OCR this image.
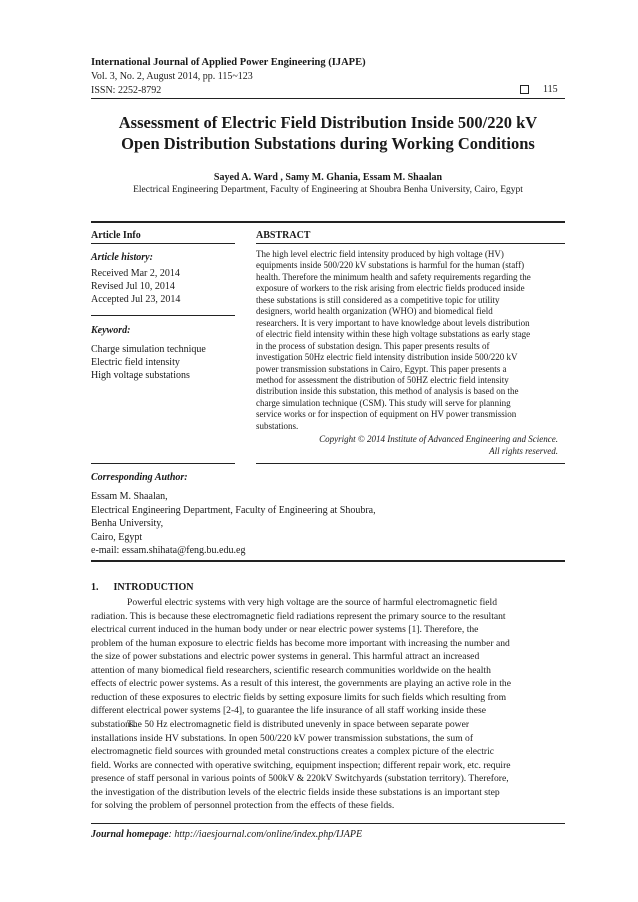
International Journal of Applied Power Engineering (IJAPE)
Vol. 3, No. 2, August 2014, pp. 115~123
ISSN: 2252-8792	115
Assessment of Electric Field Distribution Inside 500/220 kV
Open Distribution Substations during Working Conditions
Sayed A. Ward , Samy M. Ghania, Essam M. Shaalan
Electrical Engineering Department, Faculty of Engineering at Shoubra Benha University, Cairo, Egypt
Article Info
Article history:
Received Mar 2, 2014
Revised Jul 10, 2014
Accepted Jul 23, 2014
Keyword:
Charge simulation technique
Electric field intensity
High voltage substations
ABSTRACT
The high level electric field intensity produced by high voltage (HV)
equipments inside 500/220 kV substations is harmful for the human (staff)
health. Therefore the minimum health and safety requirements regarding the
exposure of workers to the risk arising from electric fields produced inside
these substations is still considered as a competitive topic for utility
designers, world health organization (WHO) and biomedical field
researchers. It is very important to have knowledge about levels distribution
of electric field intensity within these high voltage substations as early stage
in the process of substation design. This paper presents results of
investigation 50Hz electric field intensity distribution inside 500/220 kV
power transmission substations in Cairo, Egypt. This paper presents a
method for assessment the distribution of 50HZ electric field intensity
distribution inside this substation, this method of analysis is based on the
charge simulation technique (CSM). This study will serve for planning
service works or for inspection of equipment on HV power transmission
substations.
Copyright © 2014 Institute of Advanced Engineering and Science.
All rights reserved.
Corresponding Author:
Essam M. Shaalan,
Electrical Engineering Department, Faculty of Engineering at Shoubra,
Benha University,
Cairo, Egypt
e-mail: essam.shihata@feng.bu.edu.eg
1.      INTRODUCTION
Powerful electric systems with very high voltage are the source of harmful electromagnetic field
radiation. This is because these electromagnetic field radiations represent the primary source to the resultant
electrical current induced in the human body under or near electric power systems [1]. Therefore, the
problem of the human exposure to electric fields has become more important with increasing the number and
the size of power substations and electric power systems in general. This harmful attract an increased
attention of many biomedical field researchers, scientific research communities worldwide on the health
effects of electric power systems. As a result of this interest, the governments are playing an active role in the
reduction of these exposures to electric fields by setting exposure limits for such fields which resulting from
different electrical power systems [2-4], to guarantee the life insurance of all staff working inside these
substations.
The 50 Hz electromagnetic field is distributed unevenly in space between separate power
installations inside HV substations. In open 500/220 kV power transmission substations, the sum of
electromagnetic field sources with grounded metal constructions creates a complex picture of the electric
field. Works are connected with operative switching, equipment inspection; different repair work, etc. require
presence of staff personal in various points of 500kV & 220kV Switchyards (substation territory). Therefore,
the investigation of the distribution levels of the electric fields inside these substations is an important step
for solving the problem of personnel protection from the effects of these fields.
Journal homepage: http://iaesjournal.com/online/index.php/IJAPE
